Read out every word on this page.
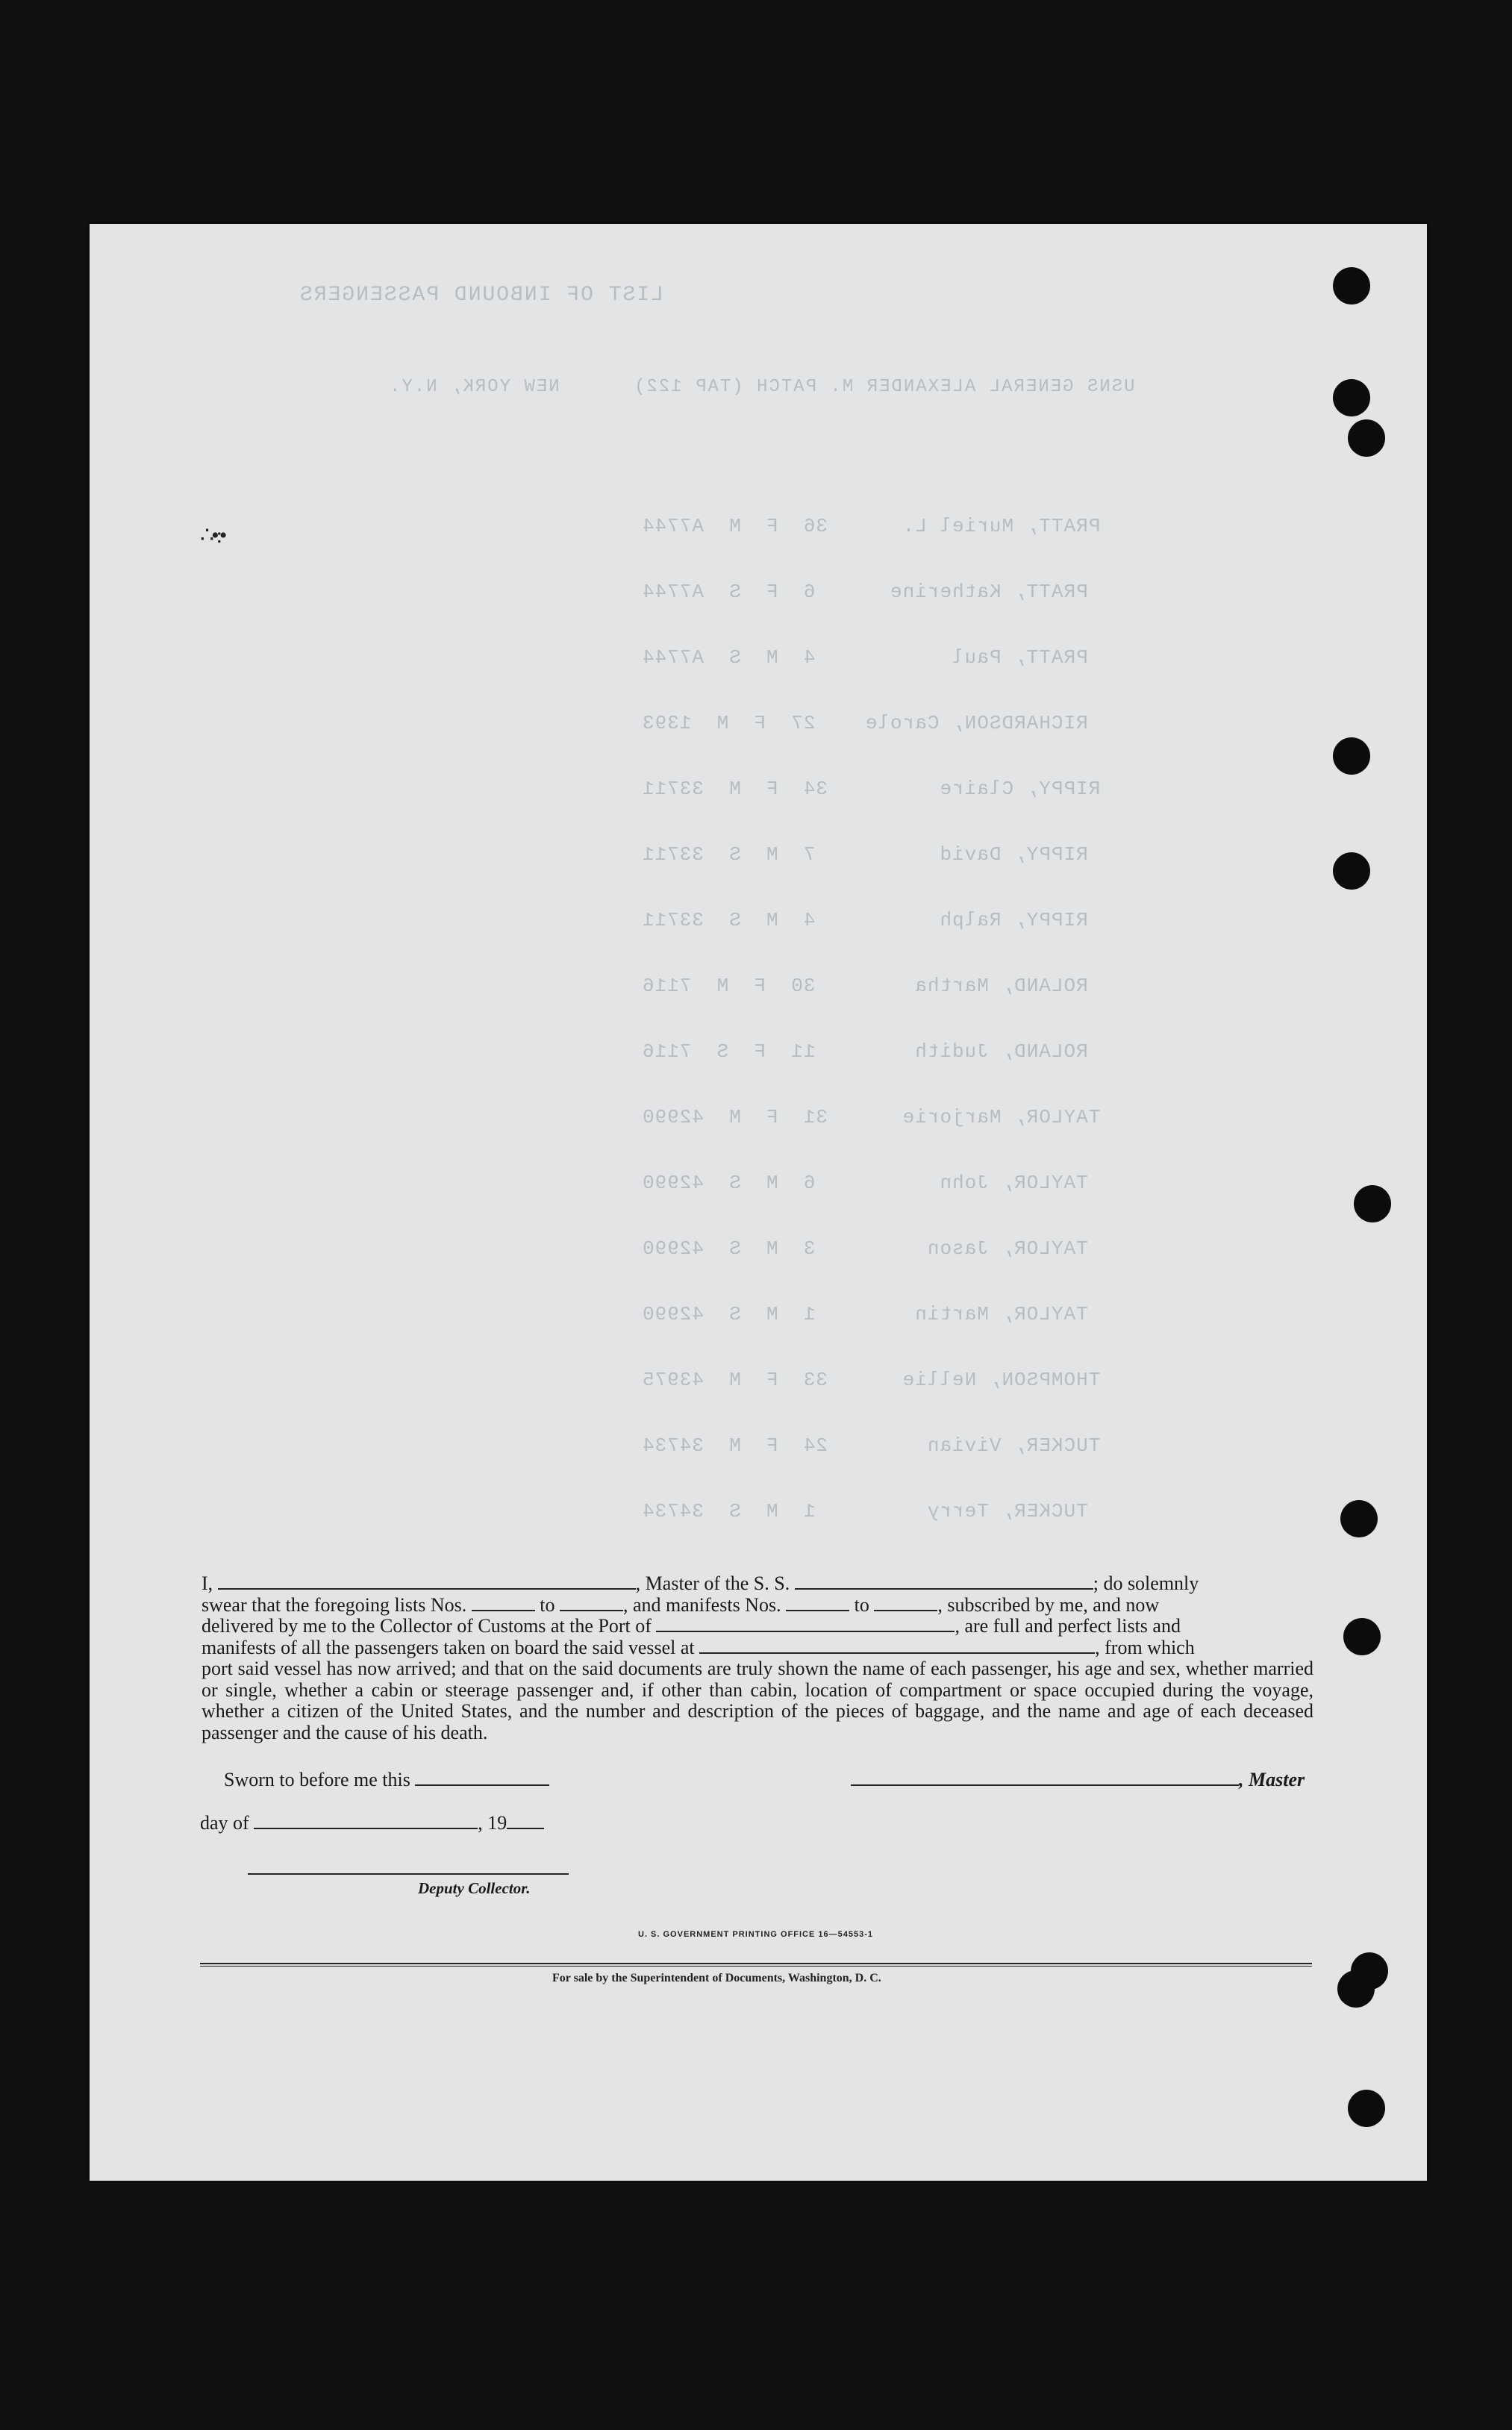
LIST OF INBOUND PASSENGERS
USNS GENERAL ALEXANDER M. PATCH (TAP 122)      NEW YORK, N.Y.
∴•:•	PRATT, Muriel L.      36  F  M  A7744
PRATT, Katherine      6  F  S  A7744
PRATT, Paul           4  M  S  A7744
RICHARDSON, Carole    27  F  M  1393
RIPPY, Claire         34  F  M  33711
RIPPY, David          7  M  S  33711
RIPPY, Ralph          4  M  S  33711
ROLAND, Martha        30  F  M  7116
ROLAND, Judith        11  F  S  7116
TAYLOR, Marjorie      31  F  M  42990
TAYLOR, John          6  M  S  42990
TAYLOR, Jason         3  M  S  42990
TAYLOR, Martin        1  M  S  42990
THOMPSON, Nellie      33  F  M  43975
TUCKER, Vivian        24  F  M  34734
TUCKER, Terry         1  M  S  34734
I,	, Master of the S. S.	; do solemnly
swear that the foregoing lists Nos.	to	, and manifests Nos.	to	, subscribed by me, and now
delivered by me to the Collector of Customs at the Port of	, are full and perfect lists and
manifests of all the passengers taken on board the said vessel at	, from which
port said vessel has now arrived; and that on the said documents are truly shown the name of each passenger, his age and sex, whether married or single, whether a cabin or steerage passenger and, if other than cabin, location of compartment or space occupied during the voyage, whether a citizen of the United States, and the number and description of the pieces of baggage, and the name and age of each deceased passenger and the cause of his death.
Sworn to before me this	, Master
day of	, 19
Deputy Collector.
U. S. GOVERNMENT PRINTING OFFICE 16—54553-1
For sale by the Superintendent of Documents, Washington, D. C.
